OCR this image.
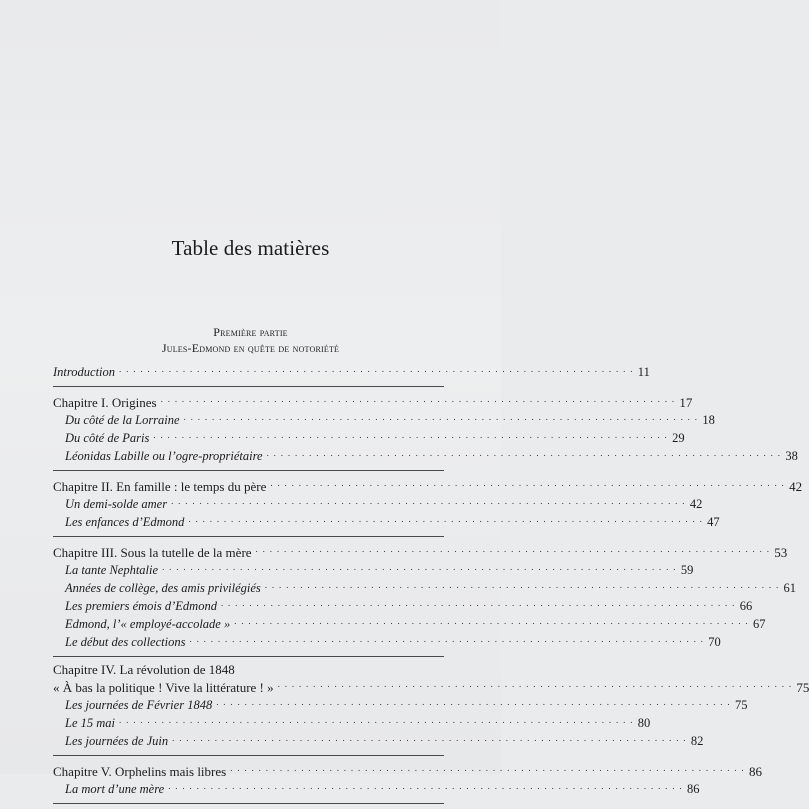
Table des matières
Première partie
Jules-Edmond en quête de notoriété
Introduction . . . . . . . . . . . . . . . . . . . . . . . . . . . . . . . . . . . . . . . . . . . . . . . . . . . . . . . . . . . . . . . . . . . . . . . . . 11
Chapitre I. Origines . . . . . . . . . . . . . . . . . . . . . . . . . . . . . . . . . . . . . . . . . . . . . . . . . . . . . . . . . . . . . . . . . . . . . . . . . 17
Du côté de la Lorraine . . . . . . . . . . . . . . . . . . . . . . . . . . . . . . . . . . . . . . . . . . . . . . . . . . . . . . . . . . . . . . . . . . . . . . . . . 18
Du côté de Paris . . . . . . . . . . . . . . . . . . . . . . . . . . . . . . . . . . . . . . . . . . . . . . . . . . . . . . . . . . . . . . . . . . . . . . . . . 29
Léonidas Labille ou l’ogre-propriétaire . . . . . . . . . . . . . . . . . . . . . . . . . . . . . . . . . . . . . . . . . . . . . . . . . . . . . . . . . . . . . . . . . . . . . . . . . 38
Chapitre II. En famille : le temps du père . . . . . . . . . . . . . . . . . . . . . . . . . . . . . . . . . . . . . . . . . . . . . . . . . . . . . . . . . . . . . . . . . . . . . . . . . 42
Un demi-solde amer . . . . . . . . . . . . . . . . . . . . . . . . . . . . . . . . . . . . . . . . . . . . . . . . . . . . . . . . . . . . . . . . . . . . . . . . . 42
Les enfances d’Edmond . . . . . . . . . . . . . . . . . . . . . . . . . . . . . . . . . . . . . . . . . . . . . . . . . . . . . . . . . . . . . . . . . . . . . . . . . 47
Chapitre III. Sous la tutelle de la mère . . . . . . . . . . . . . . . . . . . . . . . . . . . . . . . . . . . . . . . . . . . . . . . . . . . . . . . . . . . . . . . . . . . . . . . . . 53
La tante Nephtalie . . . . . . . . . . . . . . . . . . . . . . . . . . . . . . . . . . . . . . . . . . . . . . . . . . . . . . . . . . . . . . . . . . . . . . . . . 59
Années de collège, des amis privilégiés . . . . . . . . . . . . . . . . . . . . . . . . . . . . . . . . . . . . . . . . . . . . . . . . . . . . . . . . . . . . . . . . . . . . . . . . . 61
Les premiers émois d’Edmond . . . . . . . . . . . . . . . . . . . . . . . . . . . . . . . . . . . . . . . . . . . . . . . . . . . . . . . . . . . . . . . . . . . . . . . . . 66
Edmond, l’« employé-accolade » . . . . . . . . . . . . . . . . . . . . . . . . . . . . . . . . . . . . . . . . . . . . . . . . . . . . . . . . . . . . . . . . . . . . . . . . . 67
Le début des collections . . . . . . . . . . . . . . . . . . . . . . . . . . . . . . . . . . . . . . . . . . . . . . . . . . . . . . . . . . . . . . . . . . . . . . . . . 70
Chapitre IV. La révolution de 1848
« À bas la politique ! Vive la littérature ! » . . . . . . . . . . . . . . . . . . . . . . . . . . . . . . . . . . . . . . . . . . . . . . . . . . . . . . . . . . . . . . . . . . . . . . . . . 75
Les journées de Février 1848 . . . . . . . . . . . . . . . . . . . . . . . . . . . . . . . . . . . . . . . . . . . . . . . . . . . . . . . . . . . . . . . . . . . . . . . . . 75
Le 15 mai . . . . . . . . . . . . . . . . . . . . . . . . . . . . . . . . . . . . . . . . . . . . . . . . . . . . . . . . . . . . . . . . . . . . . . . . . 80
Les journées de Juin . . . . . . . . . . . . . . . . . . . . . . . . . . . . . . . . . . . . . . . . . . . . . . . . . . . . . . . . . . . . . . . . . . . . . . . . . 82
Chapitre V. Orphelins mais libres . . . . . . . . . . . . . . . . . . . . . . . . . . . . . . . . . . . . . . . . . . . . . . . . . . . . . . . . . . . . . . . . . . . . . . . . . 86
La mort d’une mère . . . . . . . . . . . . . . . . . . . . . . . . . . . . . . . . . . . . . . . . . . . . . . . . . . . . . . . . . . . . . . . . . . . . . . . . . 86
